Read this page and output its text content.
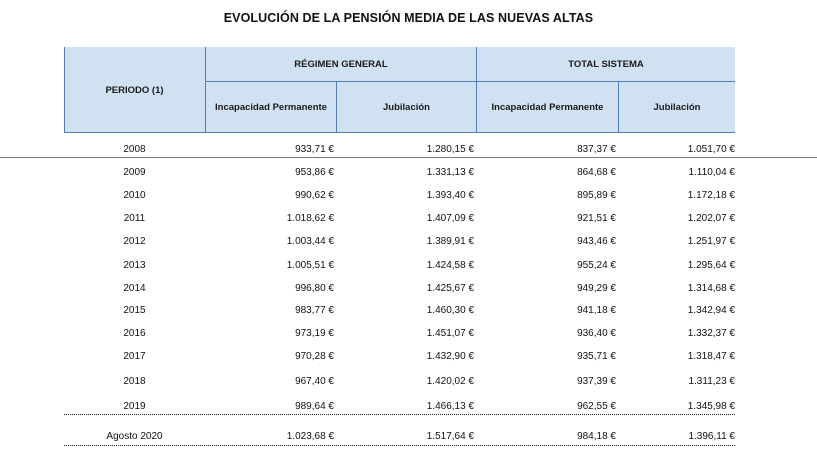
EVOLUCIÓN DE LA PENSIÓN MEDIA DE LAS NUEVAS ALTAS
PERIODO (1)
RÉGIMEN GENERAL	TOTAL SISTEMA
Incapacidad Permanente	Jubilación	Incapacidad Permanente	Jubilación
2008	933,71 €	1.280,15 €	837,37 €	1.051,70 €
2009	953,86 €	1.331,13 €	864,68 €	1.110,04 €
2010	990,62 €	1.393,40 €	895,89 €	1.172,18 €
2011	1.018,62 €	1.407,09 €	921,51 €	1.202,07 €
2012	1.003,44 €	1.389,91 €	943,46 €	1.251,97 €
2013	1.005,51 €	1.424,58 €	955,24 €	1.295,64 €
2014	996,80 €	1.425,67 €	949,29 €	1.314,68 €
2015	983,77 €	1.460,30 €	941,18 €	1.342,94 €
2016	973,19 €	1.451,07 €	936,40 €	1.332,37 €
2017	970,28 €	1.432,90 €	935,71 €	1.318,47 €
2018	967,40 €	1.420,02 €	937,39 €	1.311,23 €
2019	989,64 €	1.466,13 €	962,55 €	1.345,98 €
Agosto 2020	1.023,68 €	1.517,64 €	984,18 €	1.396,11 €
